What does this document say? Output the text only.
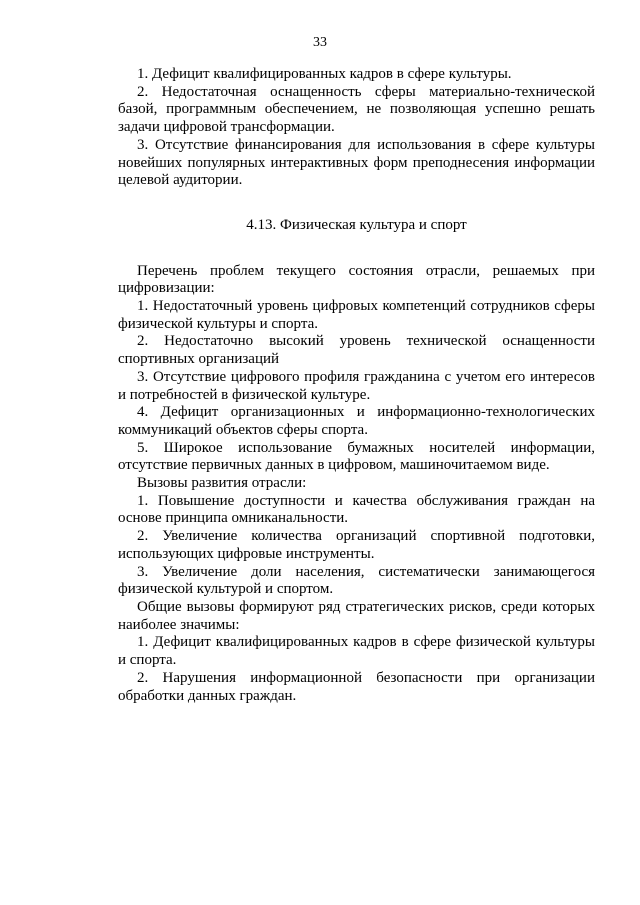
33

1. Дефицит квалифицированных кадров в сфере культуры.

2. Недостаточная оснащенность сферы материально-технической базой, программным обеспечением, не позволяющая успешно решать задачи цифровой трансформации.

3. Отсутствие финансирования для использования в сфере культуры новейших популярных интерактивных форм преподнесения информации целевой аудитории.

4.13. Физическая культура и спорт

Перечень проблем текущего состояния отрасли, решаемых при цифровизации:

1. Недостаточный уровень цифровых компетенций сотрудников сферы физической культуры и спорта.

2. Недостаточно высокий уровень технической оснащенности спортивных организаций

3. Отсутствие цифрового профиля гражданина с учетом его интересов и потребностей в физической культуре.

4. Дефицит организационных и информационно-технологических коммуникаций объектов сферы спорта.

5. Широкое использование бумажных носителей информации, отсутствие первичных данных в цифровом, машиночитаемом виде.

Вызовы развития отрасли:

1. Повышение доступности и качества обслуживания граждан на основе принципа омниканальности.

2. Увеличение количества организаций спортивной подготовки, использующих цифровые инструменты.

3. Увеличение доли населения, систематически занимающегося физической культурой и спортом.

Общие вызовы формируют ряд стратегических рисков, среди которых наиболее значимы:

1. Дефицит квалифицированных кадров в сфере физической культуры и спорта.

2. Нарушения информационной безопасности при организации обработки данных граждан.
